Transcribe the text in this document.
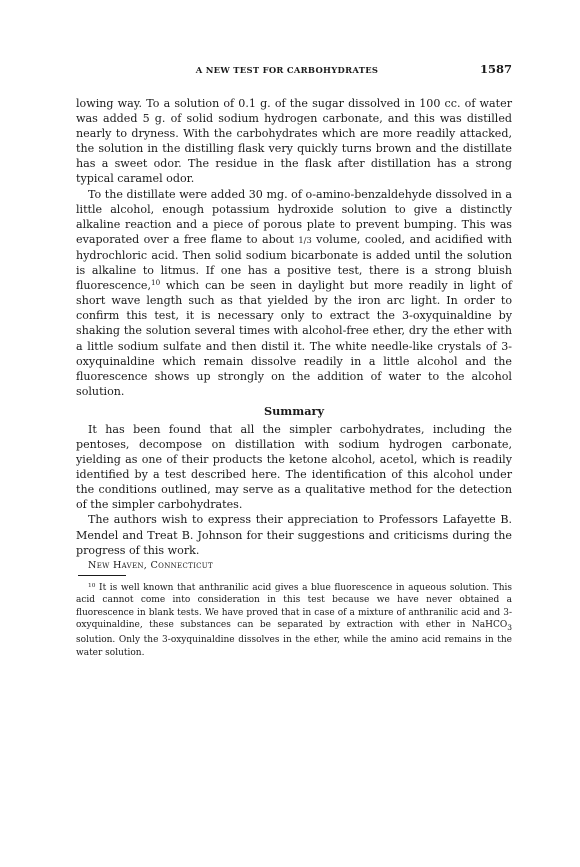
A NEW TEST FOR CARBOHYDRATES	1587

lowing way. To a solution of 0.1 g. of the sugar dissolved in 100 cc. of water was added 5 g. of solid sodium hydrogen carbonate, and this was distilled nearly to dryness. With the carbohydrates which are more readily attacked, the solution in the distilling flask very quickly turns brown and the distillate has a sweet odor. The residue in the flask after distillation has a strong typical caramel odor.

To the distillate were added 30 mg. of o-amino-benzaldehyde dissolved in a little alcohol, enough potassium hydroxide solution to give a distinctly alkaline reaction and a piece of porous plate to prevent bumping. This was evaporated over a free flame to about 1/3 volume, cooled, and acidified with hydrochloric acid. Then solid sodium bicarbonate is added until the solution is alkaline to litmus. If one has a positive test, there is a strong bluish fluorescence,$^{10}$ which can be seen in daylight but more readily in light of short wave length such as that yielded by the iron arc light. In order to confirm this test, it is necessary only to extract the 3-oxyquinaldine by shaking the solution several times with alcohol-free ether, dry the ether with a little sodium sulfate and then distil it. The white needle-like crystals of 3-oxyquinaldine which remain dissolve readily in a little alcohol and the fluorescence shows up strongly on the addition of water to the alcohol solution.

Summary

It has been found that all the simpler carbohydrates, including the pentoses, decompose on distillation with sodium hydrogen carbonate, yielding as one of their products the ketone alcohol, acetol, which is readily identified by a test described here. The identification of this alcohol under the conditions outlined, may serve as a qualitative method for the detection of the simpler carbohydrates.

The authors wish to express their appreciation to Professors Lafayette B. Mendel and Treat B. Johnson for their suggestions and criticisms during the progress of this work.

New Haven, Connecticut

$^{10}$ It is well known that anthranilic acid gives a blue fluorescence in aqueous solution. This acid cannot come into consideration in this test because we have never obtained a fluorescence in blank tests. We have proved that in case of a mixture of anthranilic acid and 3-oxyquinaldine, these substances can be separated by extraction with ether in NaHCO$_3$ solution. Only the 3-oxyquinaldine dissolves in the ether, while the amino acid remains in the water solution.
